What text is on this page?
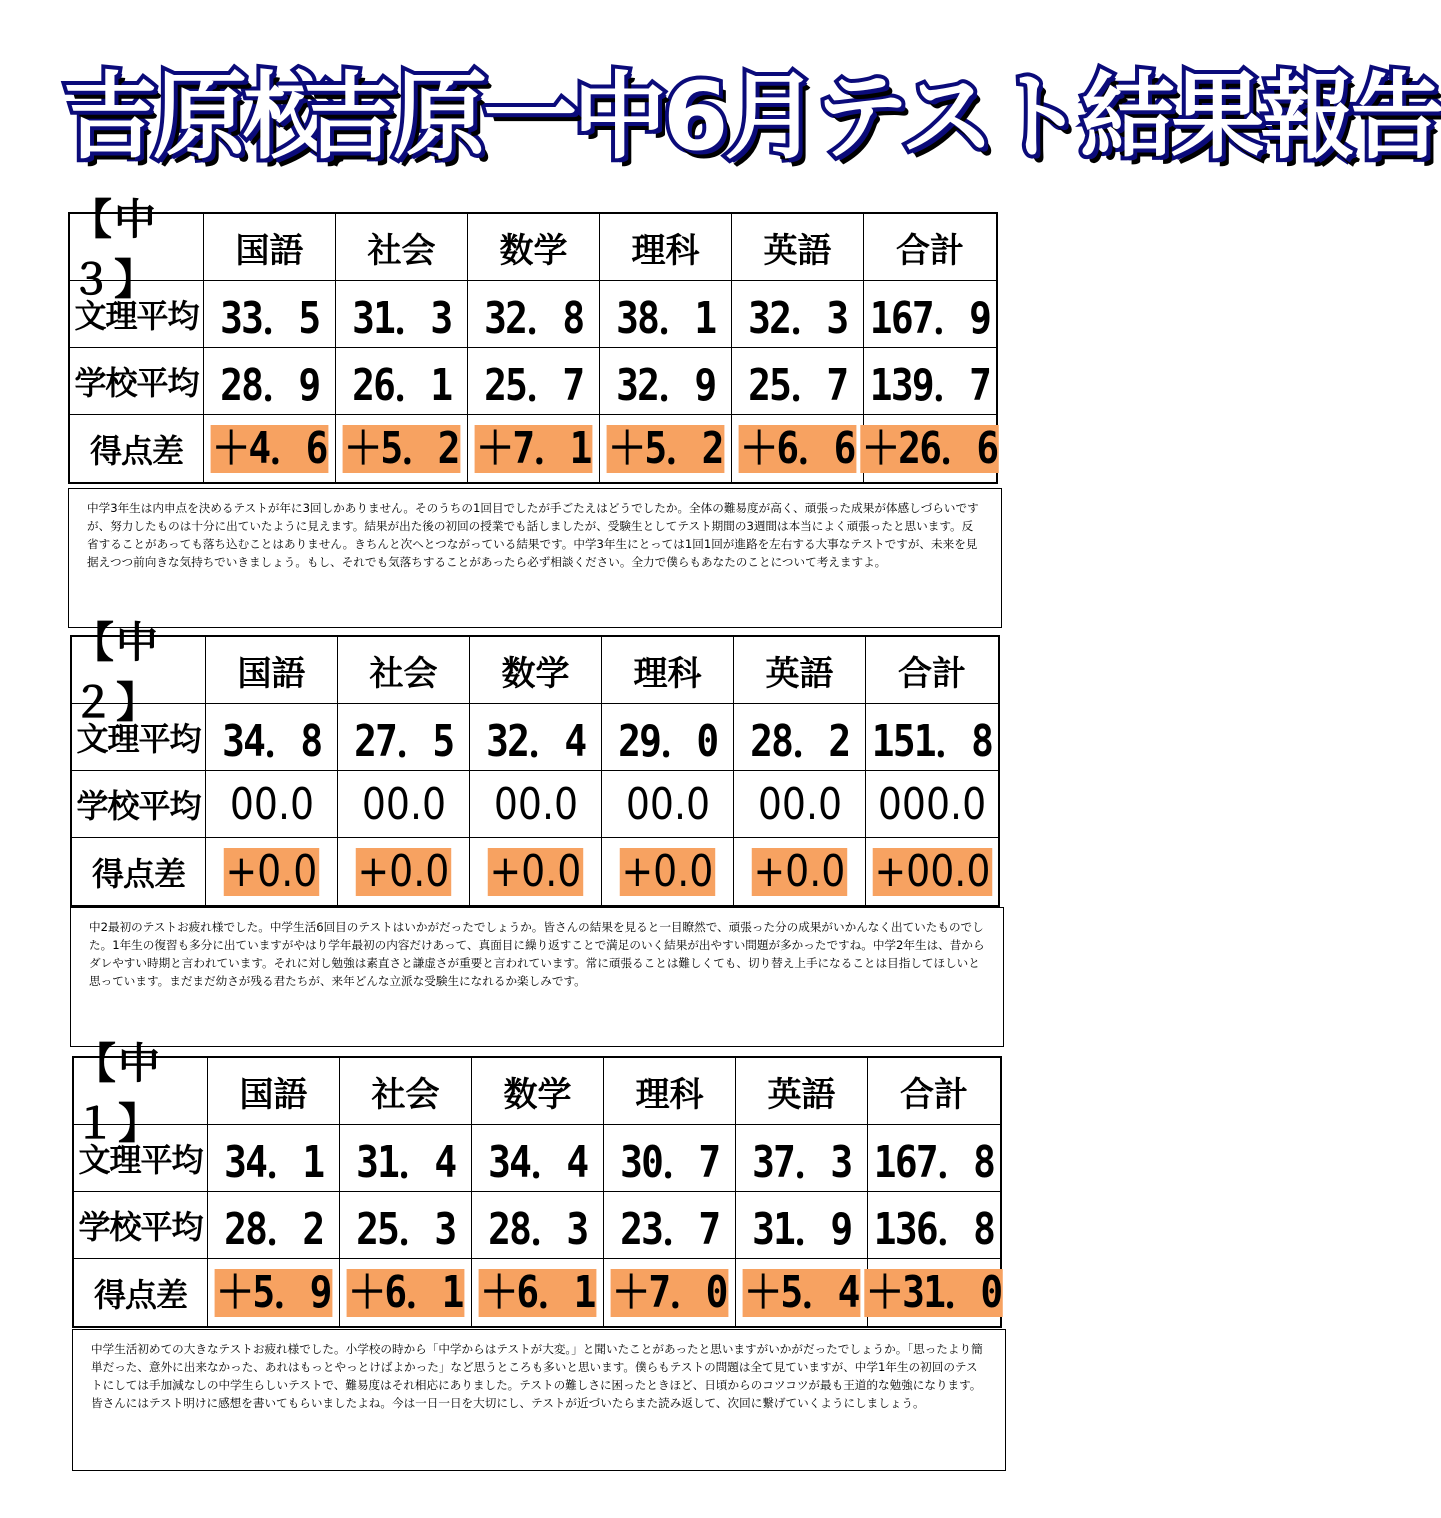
吉原校
吉原一中6月テスト結果報告
【中３】
国語 社会 数学 理科 英語 合計
文理平均 33．5 31．3 32．8 38．1 32．3 167．9
学校平均 28．9 26．1 25．7 32．9 25．7 139．7
得点差 ＋4．6 ＋5．2 ＋7．1 ＋5．2 ＋6．6 ＋26．6
中学3年生は内申点を決めるテストが年に3回しかありません。そのうちの1回目でしたが手ごたえはどうでしたか。全体の難易度が高く、頑張った成果が体感しづらいですが、努力したものは十分に出ていたように見えます。結果が出た後の初回の授業でも話しましたが、受験生としてテスト期間の3週間は本当によく頑張ったと思います。反省することがあっても落ち込むことはありません。きちんと次へとつながっている結果です。中学3年生にとっては1回1回が進路を左右する大事なテストですが、未来を見据えつつ前向きな気持ちでいきましょう。もし、それでも気落ちすることがあったら必ず相談ください。全力で僕らもあなたのことについて考えますよ。
【中２】
国語 社会 数学 理科 英語 合計
文理平均 34．8 27．5 32．4 29．0 28．2 151．8
学校平均 00.0 00.0 00.0 00.0 00.0 000.0
得点差 +0.0 +0.0 +0.0 +0.0 +0.0 +00.0
中2最初のテストお疲れ様でした。中学生活6回目のテストはいかがだったでしょうか。皆さんの結果を見ると一目瞭然で、頑張った分の成果がいかんなく出ていたものでした。1年生の復習も多分に出ていますがやはり学年最初の内容だけあって、真面目に繰り返すことで満足のいく結果が出やすい問題が多かったですね。中学2年生は、昔からダレやすい時期と言われています。それに対し勉強は素直さと謙虚さが重要と言われています。常に頑張ることは難しくても、切り替え上手になることは目指してほしいと思っています。まだまだ幼さが残る君たちが、来年どんな立派な受験生になれるか楽しみです。
【中１】
国語 社会 数学 理科 英語 合計
文理平均 34．1 31．4 34．4 30．7 37．3 167．8
学校平均 28．2 25．3 28．3 23．7 31．9 136．8
得点差 ＋5．9 ＋6．1 ＋6．1 ＋7．0 ＋5．4 ＋31．0
中学生活初めての大きなテストお疲れ様でした。小学校の時から「中学からはテストが大変。」と聞いたことがあったと思いますがいかがだったでしょうか。「思ったより簡単だった、意外に出来なかった、あれはもっとやっとけばよかった」など思うところも多いと思います。僕らもテストの問題は全て見ていますが、中学1年生の初回のテストにしては手加減なしの中学生らしいテストで、難易度はそれ相応にありました。テストの難しさに困ったときほど、日頃からのコツコツが最も王道的な勉強になります。皆さんにはテスト明けに感想を書いてもらいましたよね。今は一日一日を大切にし、テストが近づいたらまた読み返して、次回に繋げていくようにしましょう。
